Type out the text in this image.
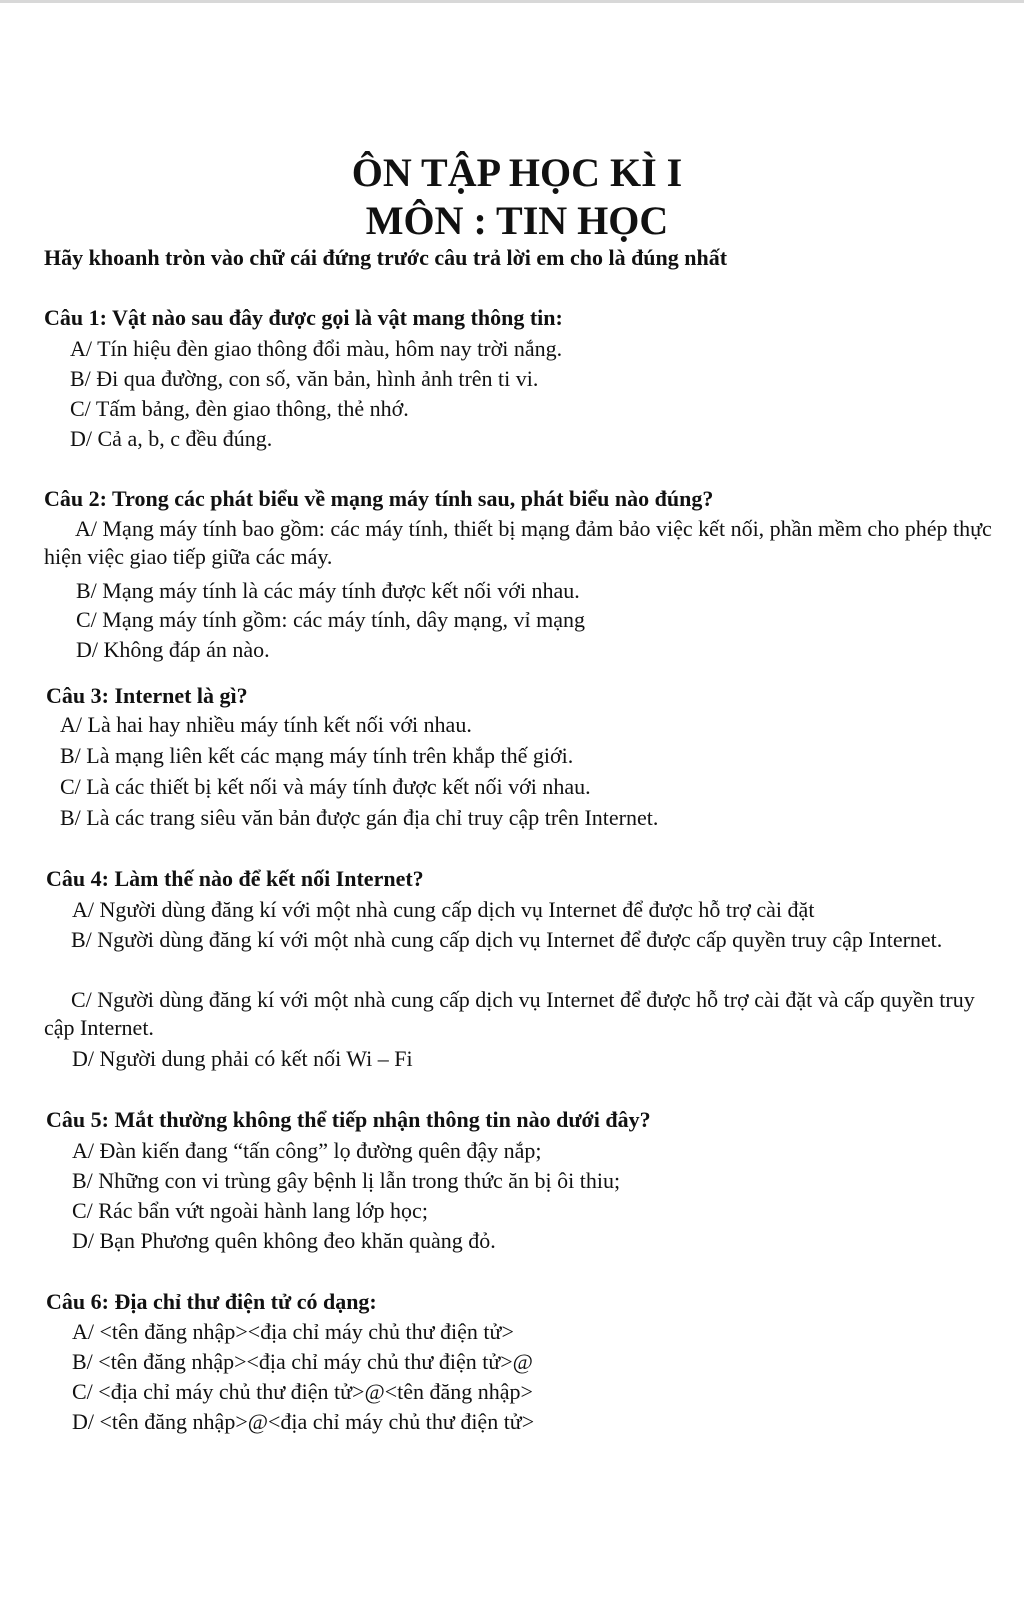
ÔN TẬP HỌC KÌ I
MÔN : TIN HỌC
Hãy khoanh tròn vào chữ cái đứng trước câu trả lời em cho là đúng nhất
Câu 1: Vật nào sau đây được gọi là vật mang thông tin:
A/ Tín hiệu đèn giao thông đổi màu, hôm nay trời nắng.
B/ Đi qua đường, con số, văn bản, hình ảnh trên ti vi.
C/ Tấm bảng, đèn giao thông, thẻ nhớ.
D/ Cả a, b, c đều đúng.
Câu 2: Trong các phát biểu về mạng máy tính sau, phát biểu nào đúng?
A/ Mạng máy tính bao gồm: các máy tính, thiết bị mạng đảm bảo việc kết nối, phần mềm cho phép thực hiện việc giao tiếp giữa các máy.
B/ Mạng máy tính là các máy tính được kết nối với nhau.
C/ Mạng máy tính gồm: các máy tính, dây mạng, vỉ mạng
D/ Không đáp án nào.
Câu 3: Internet là gì?
A/ Là hai hay nhiều máy tính kết nối với nhau.
B/ Là mạng liên kết các mạng máy tính trên khắp thế giới.
C/ Là các thiết bị kết nối và máy tính được kết nối với nhau.
B/ Là các trang siêu văn bản được gán địa chỉ truy cập trên Internet.
Câu 4: Làm thế nào để kết nối Internet?
A/ Người dùng đăng kí với một nhà cung cấp dịch vụ Internet để được hỗ trợ cài đặt
B/ Người dùng đăng kí với một nhà cung cấp dịch vụ Internet để được cấp quyền truy cập Internet.
C/ Người dùng đăng kí với một nhà cung cấp dịch vụ Internet để được hỗ trợ cài đặt và cấp quyền truy cập Internet.
D/ Người dung phải có kết nối Wi – Fi
Câu 5: Mắt thường không thể tiếp nhận thông tin nào dưới đây?
A/ Đàn kiến đang “tấn công” lọ đường quên đậy nắp;
B/ Những con vi trùng gây bệnh lị lẫn trong thức ăn bị ôi thiu;
C/ Rác bẩn vứt ngoài hành lang lớp học;
D/ Bạn Phương quên không đeo khăn quàng đỏ.
Câu 6: Địa chỉ thư điện tử có dạng:
A/ <tên đăng nhập><địa chỉ máy chủ thư điện tử>
B/ <tên đăng nhập><địa chỉ máy chủ thư điện tử>@
C/ <địa chỉ máy chủ thư điện tử>@<tên đăng nhập>
D/ <tên đăng nhập>@<địa chỉ máy chủ thư điện tử>
